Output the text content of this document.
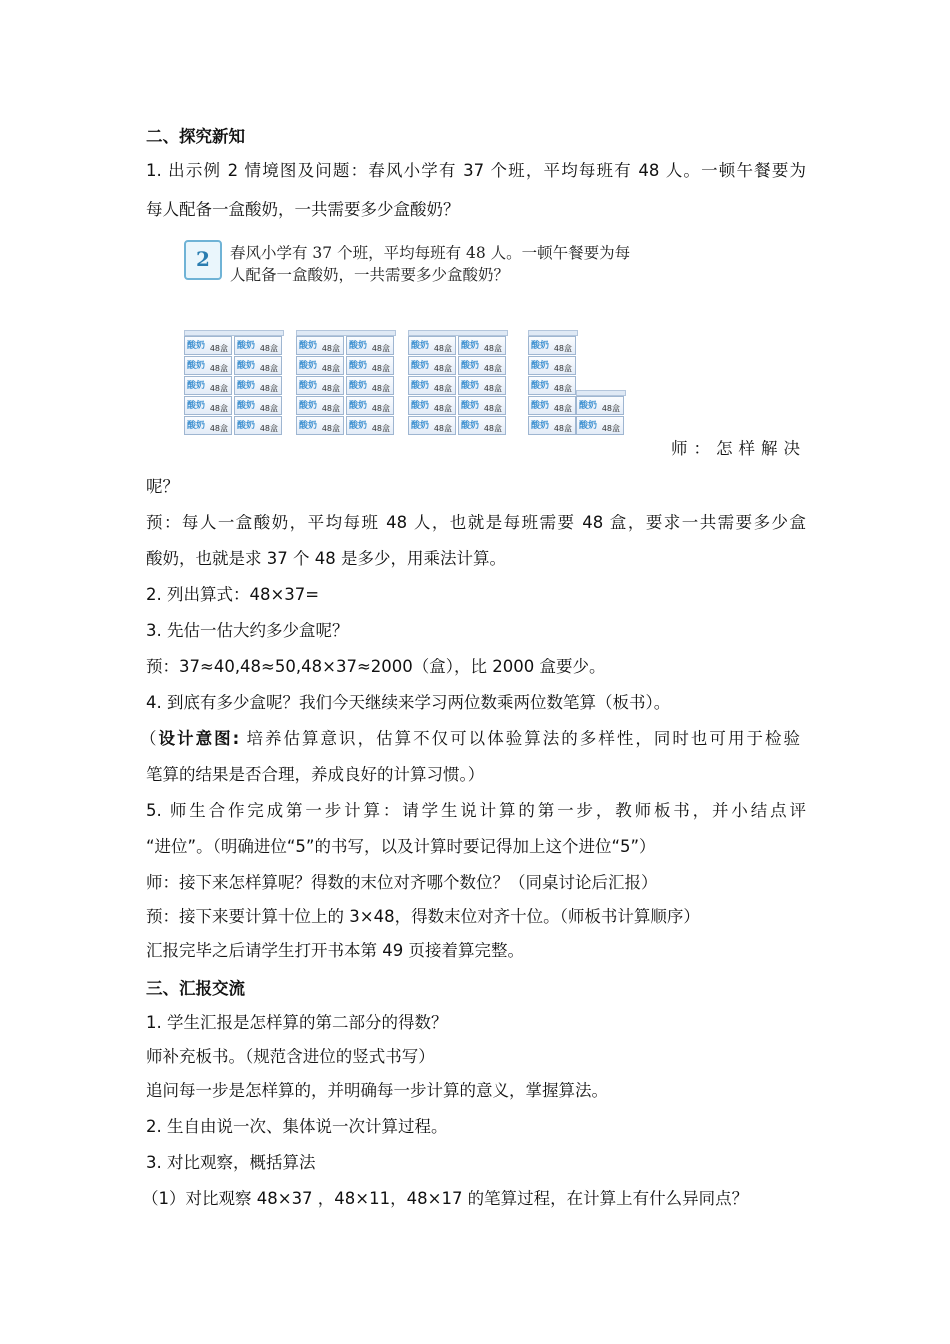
二、探究新知
1. 出示例 2 情境图及问题：春风小学有 37 个班，平均每班有 48 人。一顿午餐要为
每人配备一盒酸奶，一共需要多少盒酸奶？
2	春风小学有 37 个班，平均每班有 48 人。一顿午餐要为每
人配备一盒酸奶，一共需要多少盒酸奶？
酸奶 48盒 酸奶 48盒
酸奶 48盒 酸奶 48盒
酸奶 48盒 酸奶 48盒
酸奶 48盒 酸奶 48盒
酸奶 48盒 酸奶 48盒
酸奶 48盒 酸奶 48盒
酸奶 48盒 酸奶 48盒
酸奶 48盒 酸奶 48盒
酸奶 48盒 酸奶 48盒
酸奶 48盒 酸奶 48盒
酸奶 48盒 酸奶 48盒
酸奶 48盒 酸奶 48盒
酸奶 48盒 酸奶 48盒
酸奶 48盒 酸奶 48盒
酸奶 48盒 酸奶 48盒
酸奶 48盒
酸奶 48盒
酸奶 48盒
酸奶 48盒
酸奶 48盒
酸奶 48盒
酸奶 48盒
师：怎样解决
呢？
预：每人一盒酸奶，平均每班 48 人，也就是每班需要 48 盒，要求一共需要多少盒
酸奶，也就是求 37 个 48 是多少，用乘法计算。
2. 列出算式：48×37=
3. 先估一估大约多少盒呢？
预：37≈40,48≈50,48×37≈2000（盒），比 2000 盒要少。
4. 到底有多少盒呢？我们今天继续来学习两位数乘两位数笔算（板书）。
（设计意图: 培养估算意识，估算不仅可以体验算法的多样性，同时也可用于检验
笔算的结果是否合理，养成良好的计算习惯。）
5. 师生合作完成第一步计算：请学生说计算的第一步，教师板书，并小结点评
“进位”。（明确进位“5”的书写，以及计算时要记得加上这个进位“5”）
师：接下来怎样算呢？得数的末位对齐哪个数位？（同桌讨论后汇报）
预：接下来要计算十位上的 3×48，得数末位对齐十位。（师板书计算顺序）
汇报完毕之后请学生打开书本第 49 页接着算完整。
三、汇报交流
1. 学生汇报是怎样算的第二部分的得数？
师补充板书。（规范含进位的竖式书写）
追问每一步是怎样算的，并明确每一步计算的意义，掌握算法。
2. 生自由说一次、集体说一次计算过程。
3. 对比观察，概括算法
（1）对比观察 48×37 ，48×11，48×17 的笔算过程，在计算上有什么异同点？
